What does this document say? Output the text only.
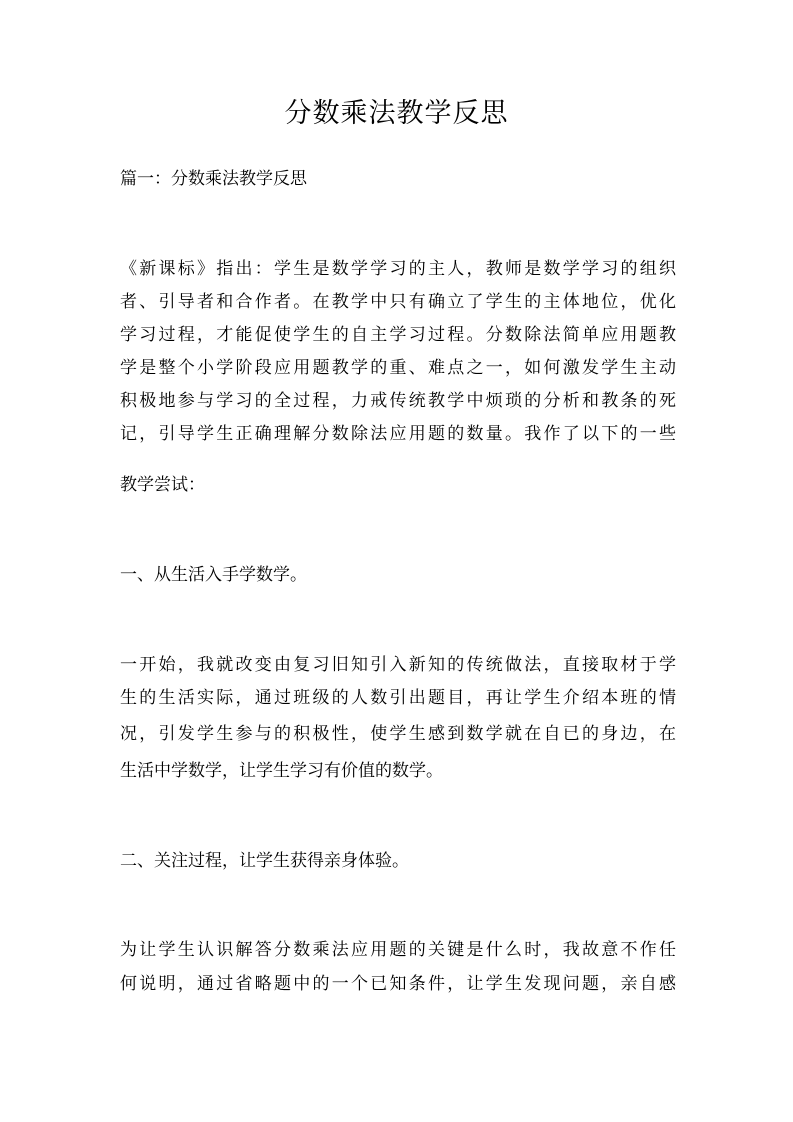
分数乘法教学反思
篇一：分数乘法教学反思
《新课标》指出：学生是数学学习的主人，教师是数学学习的组织
者、引导者和合作者。在教学中只有确立了学生的主体地位，优化
学习过程，才能促使学生的自主学习过程。分数除法简单应用题教
学是整个小学阶段应用题教学的重、难点之一，如何激发学生主动
积极地参与学习的全过程，力戒传统教学中烦琐的分析和教条的死
记，引导学生正确理解分数除法应用题的数量。我作了以下的一些
教学尝试：
一、从生活入手学数学。
一开始，我就改变由复习旧知引入新知的传统做法，直接取材于学
生的生活实际，通过班级的人数引出题目，再让学生介绍本班的情
况，引发学生参与的积极性，使学生感到数学就在自已的身边，在
生活中学数学，让学生学习有价值的数学。
二、关注过程，让学生获得亲身体验。
为让学生认识解答分数乘法应用题的关键是什么时，我故意不作任
何说明，通过省略题中的一个已知条件，让学生发现问题，亲自感
